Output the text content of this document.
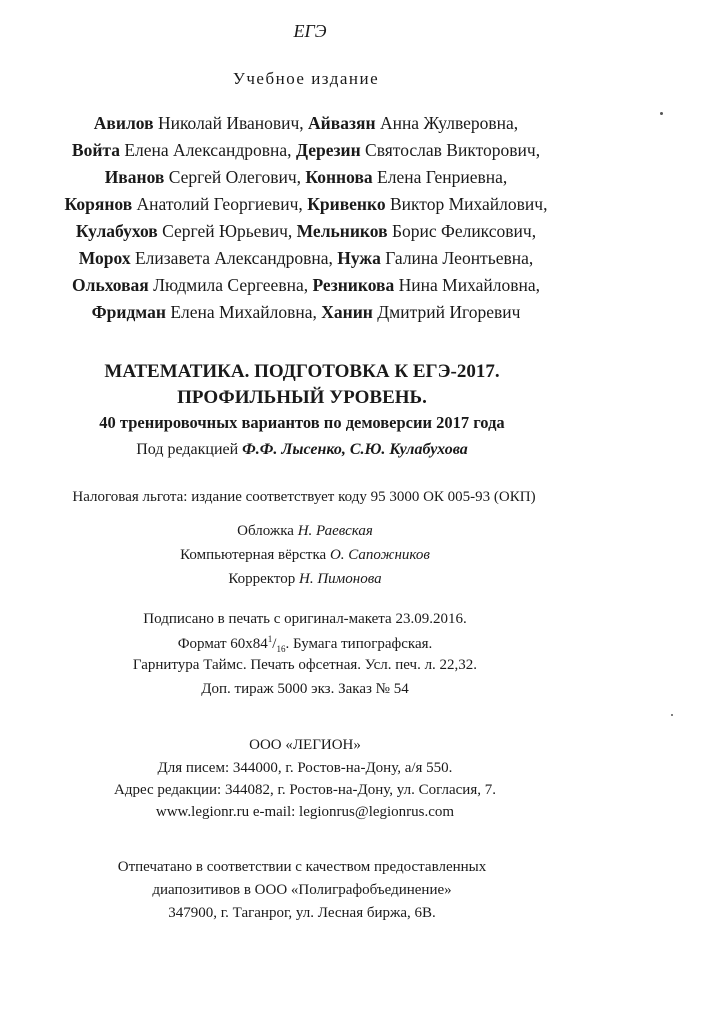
ЕГЭ
Учебное издание
Авилов Николай Иванович, Айвазян Анна Жулверовна,
Войта Елена Александровна, Дерезин Святослав Викторович,
Иванов Сергей Олегович, Коннова Елена Генриевна,
Корянов Анатолий Георгиевич, Кривенко Виктор Михайлович,
Кулабухов Сергей Юрьевич, Мельников Борис Феликсович,
Морох Елизавета Александровна, Нужа Галина Леонтьевна,
Ольховая Людмила Сергеевна, Резникова Нина Михайловна,
Фридман Елена Михайловна, Ханин Дмитрий Игоревич
МАТЕМАТИКА. ПОДГОТОВКА К ЕГЭ-2017.
ПРОФИЛЬНЫЙ УРОВЕНЬ.
40 тренировочных вариантов по демоверсии 2017 года
Под редакцией Ф.Ф. Лысенко, С.Ю. Кулабухова
Налоговая льгота: издание соответствует коду 95 3000 ОК 005-93 (ОКП)
Обложка Н. Раевская
Компьютерная вёрстка О. Сапожников
Корректор Н. Пимонова
Подписано в печать с оригинал-макета 23.09.2016.
Формат $60x84^1/_{16}$. Бумага типографская.
Гарнитура Таймс. Печать офсетная. Усл. печ. л. 22,32.
Доп. тираж 5000 экз. Заказ № 54
ООО «ЛЕГИОН»
Для писем: 344000, г. Ростов-на-Дону, а/я 550.
Адрес редакции: 344082, г. Ростов-на-Дону, ул. Согласия, 7.
www.legionr.ru e-mail: legionrus@legionrus.com
Отпечатано в соответствии с качеством предоставленных
диапозитивов в ООО «Полиграфобъединение»
347900, г. Таганрог, ул. Лесная биржа, 6В.
